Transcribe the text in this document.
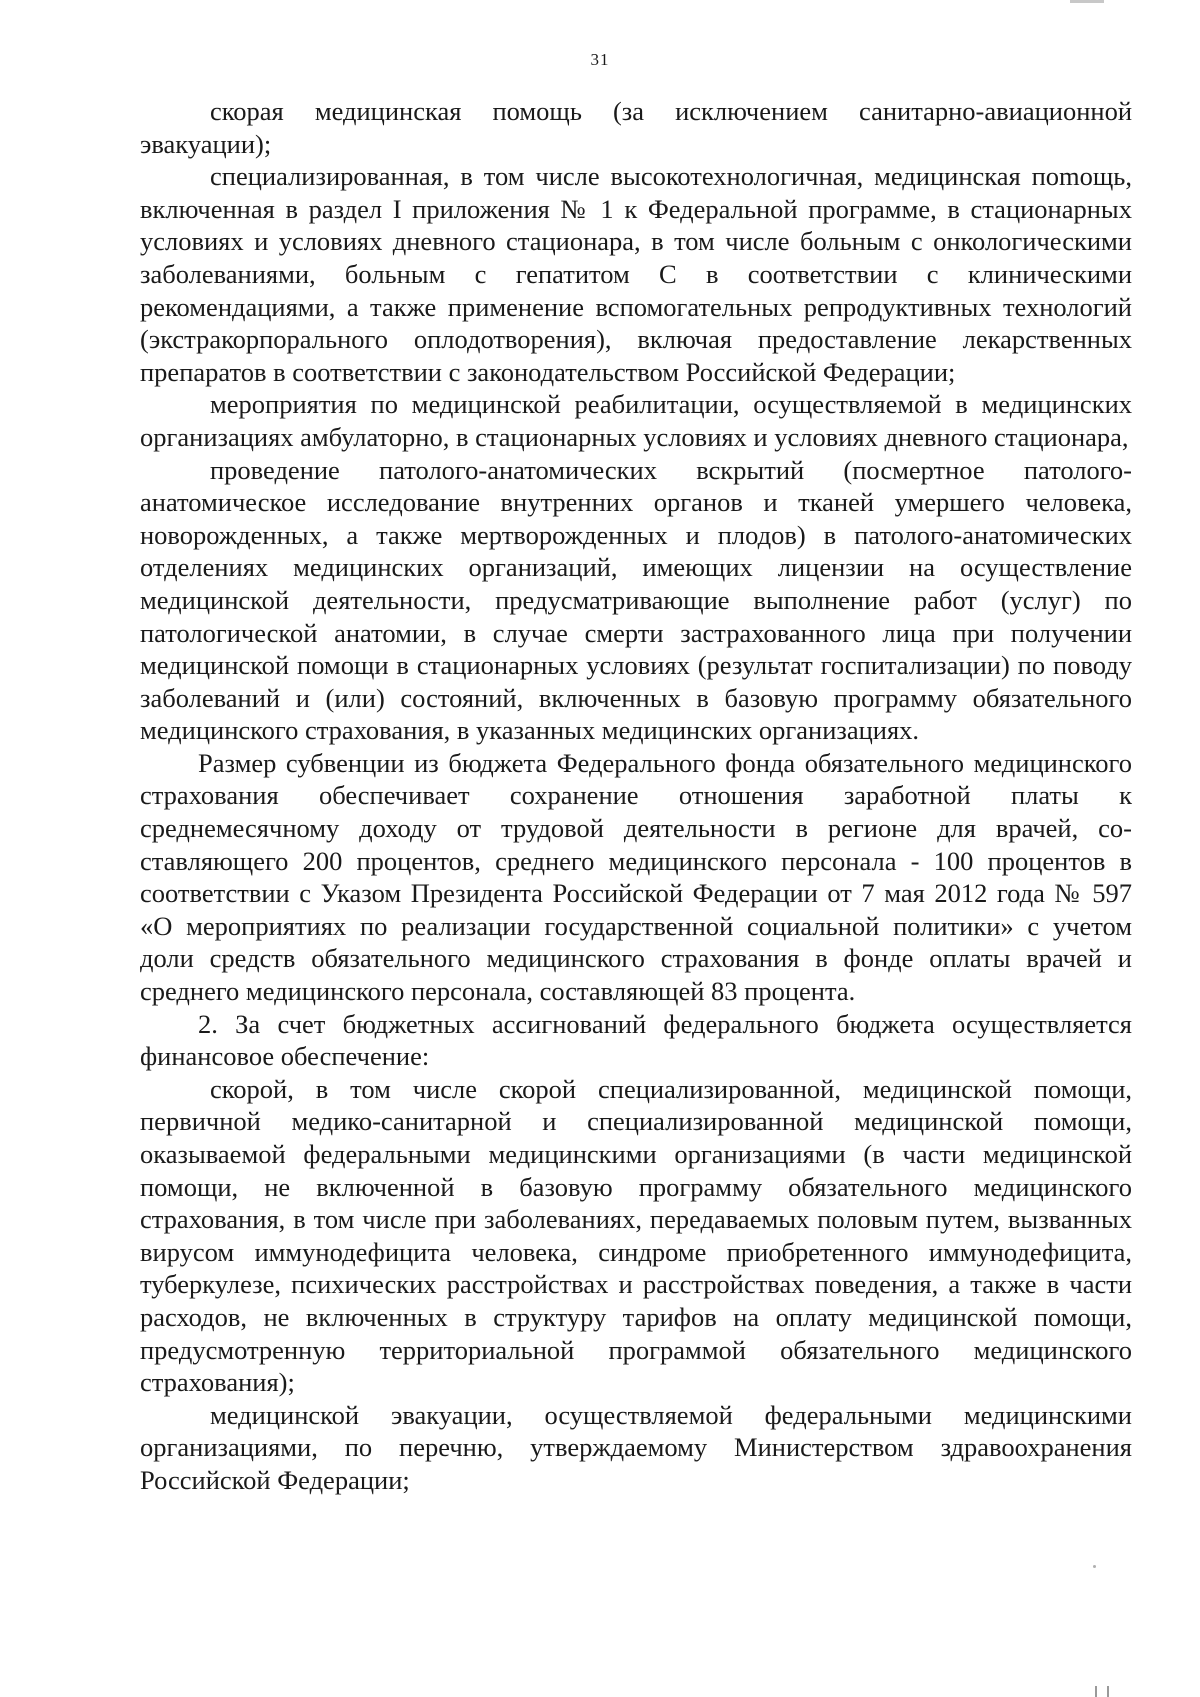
31

скорая медицинская помощь (за исключением санитарно-авиационной эвакуации);

специализированная, в том числе высокотехнологичная, медицинская поmощь, включенная в раздел I приложения № 1 к Федеральной программе, в стационарных условиях и условиях дневного стационара, в том числе больным с онкологическими заболеваниями, больным с гепатитом С в соответствии с клиническими рекомендациями, а также применение вспомогательных репродуктивных технологий (экстракорпорального оплодотворения), включая предоставление лекарственных препаратов в соответствии с законодательством Российской Федерации;

мероприятия по медицинской реабилитации, осуществляемой в медицинских организациях амбулаторно, в стационарных условиях и условиях дневного стационара,

проведение патолого-анатомических вскрытий (посмертное патолого-анатомическое исследование внутренних органов и тканей умершего человека, новорожденных, а также мертворожденных и плодов) в патолого-анатомических отделениях медицинских организаций, имеющих лицензии на осуществление медицинской деятельности, предусматривающие выполнение работ (услуг) по патологической анатомии, в случае смерти застрахованного лица при получении медицинской помощи в стационарных условиях (результат госпитализации) по поводу заболеваний и (или) состояний, включенных в базовую программу обязательного медицинского страхования, в указанных медицинских организациях.

Размер субвенции из бюджета Федерального фонда обязательного медицинского страхования обеспечивает сохранение отношения заработной платы к среднемесячному доходу от трудовой деятельности в регионе для врачей, составляющего 200 процентов, среднего медицинского персонала - 100 процентов в соответствии с Указом Президента Российской Федерации от 7 мая 2012 года № 597 «О мероприятиях по реализации государственной социальной политики» с учетом доли средств обязательного медицинского страхования в фонде оплаты врачей и среднего медицинского персонала, составляющей 83 процента.

2. За счет бюджетных ассигнований федерального бюджета осуществляется финансовое обеспечение:

скорой, в том числе скорой специализированной, медицинской помощи, первичной медико-санитарной и специализированной медицинской помощи, оказываемой федеральными медицинскими организациями (в части медицинской помощи, не включенной в базовую программу обязательного медицинского страхования, в том числе при заболеваниях, передаваемых половым путем, вызванных вирусом иммунодефицита человека, синдроме приобретенного иммунодефицита, туберкулезе, психических расстройствах и расстройствах поведения, а также в части расходов, не включенных в структуру тарифов на оплату медицинской помощи, предусмотренную территориальной программой обязательного медицинского страхования);

медицинской эвакуации, осуществляемой федеральными медицинскими организациями, по перечню, утверждаемому Министерством здравоохранения Российской Федерации;
